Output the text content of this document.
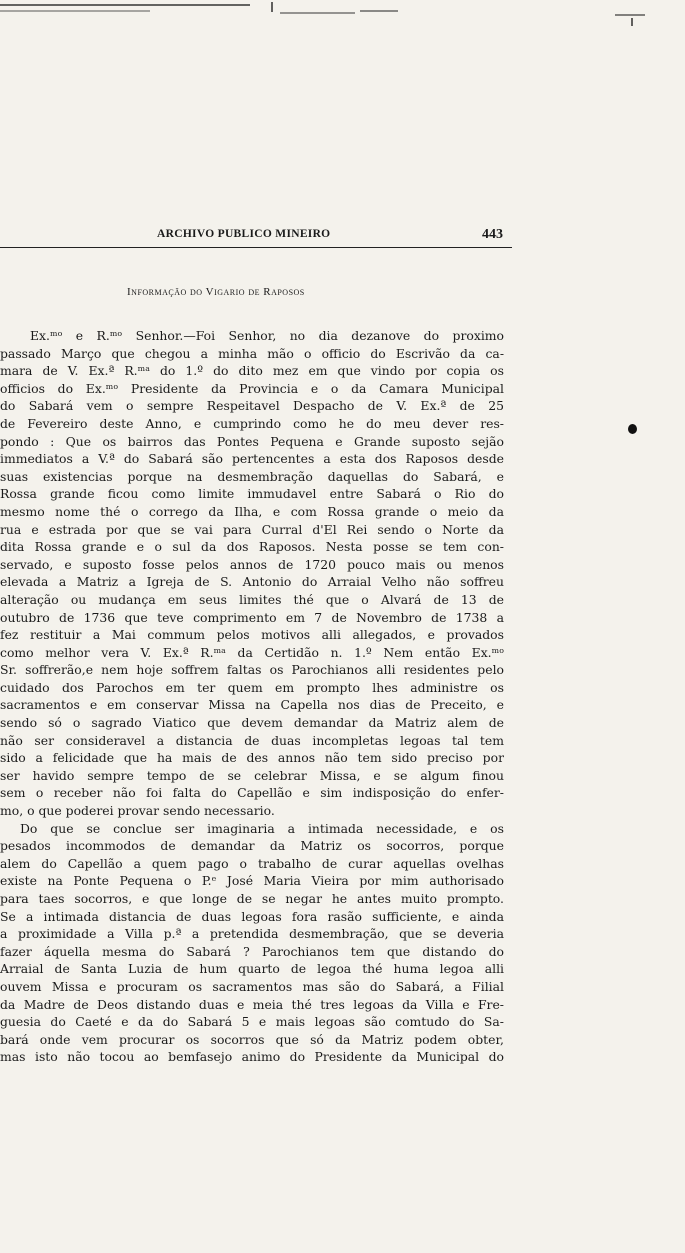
ARCHIVO PUBLICO MINEIRO	443
Informação do Vigario de Raposos
Ex.ᵐᵒ e R.ᵐᵒ Senhor.—Foi Senhor, no dia dezanove do proximo
passado Março que chegou a minha mão o officio do Escrivão da ca-
mara de V. Ex.ª R.ᵐᵃ do 1.º do dito mez em que vindo por copia os
officios do Ex.ᵐᵒ Presidente da Provincia e o da Camara Municipal
do Sabará vem o sempre Respeitavel Despacho de V. Ex.ª de 25
de Fevereiro deste Anno, e cumprindo como he do meu dever res-
pondo : Que os bairros das Pontes Pequena e Grande suposto sejão
immediatos a V.ª do Sabará são pertencentes a esta dos Raposos desde
suas existencias porque na desmembração daquellas do Sabará, e
Rossa grande ficou como limite immudavel entre Sabará o Rio do
mesmo nome thé o corrego da Ilha, e com Rossa grande o meio da
rua e estrada por que se vai para Curral d'El Rei sendo o Norte da
dita Rossa grande e o sul da dos Raposos. Nesta posse se tem con-
servado, e suposto fosse pelos annos de 1720 pouco mais ou menos
elevada a Matriz a Igreja de S. Antonio do Arraial Velho não soffreu
alteração ou mudança em seus limites thé que o Alvará de 13 de
outubro de 1736 que teve comprimento em 7 de Novembro de 1738 a
fez restituir a Mai commum pelos motivos alli allegados, e provados
como melhor vera V. Ex.ª R.ᵐᵃ da Certidão n. 1.º Nem então Ex.ᵐᵒ
Sr. soffrerão,e nem hoje soffrem faltas os Parochianos alli residentes pelo
cuidado dos Parochos em ter quem em prompto lhes administre os
sacramentos e em conservar Missa na Capella nos dias de Preceito, e
sendo só o sagrado Viatico que devem demandar da Matriz alem de
não ser consideravel a distancia de duas incompletas legoas tal tem
sido a felicidade que ha mais de des annos não tem sido preciso por
ser havido sempre tempo de se celebrar Missa, e se algum finou
sem o receber não foi falta do Capellão e sim indisposição do enfer-
mo, o que poderei provar sendo necessario.
Do que se conclue ser imaginaria a intimada necessidade, e os
pesados incommodos de demandar da Matriz os socorros, porque
alem do Capellão a quem pago o trabalho de curar aquellas ovelhas
existe na Ponte Pequena o P.ᵉ José Maria Vieira por mim authorisado
para taes socorros, e que longe de se negar he antes muito prompto.
Se a intimada distancia de duas legoas fora rasão sufficiente, e ainda
a proximidade a Villa p.ª a pretendida desmembração, que se deveria
fazer áquella mesma do Sabará ? Parochianos tem que distando do
Arraial de Santa Luzia de hum quarto de legoa thé huma legoa alli
ouvem Missa e procuram os sacramentos mas são do Sabará, a Filial
da Madre de Deos distando duas e meia thé tres legoas da Villa e Fre-
guesia do Caeté e da do Sabará 5 e mais legoas são comtudo do Sa-
bará onde vem procurar os socorros que só da Matriz podem obter,
mas isto não tocou ao bemfasejo animo do Presidente da Municipal do
